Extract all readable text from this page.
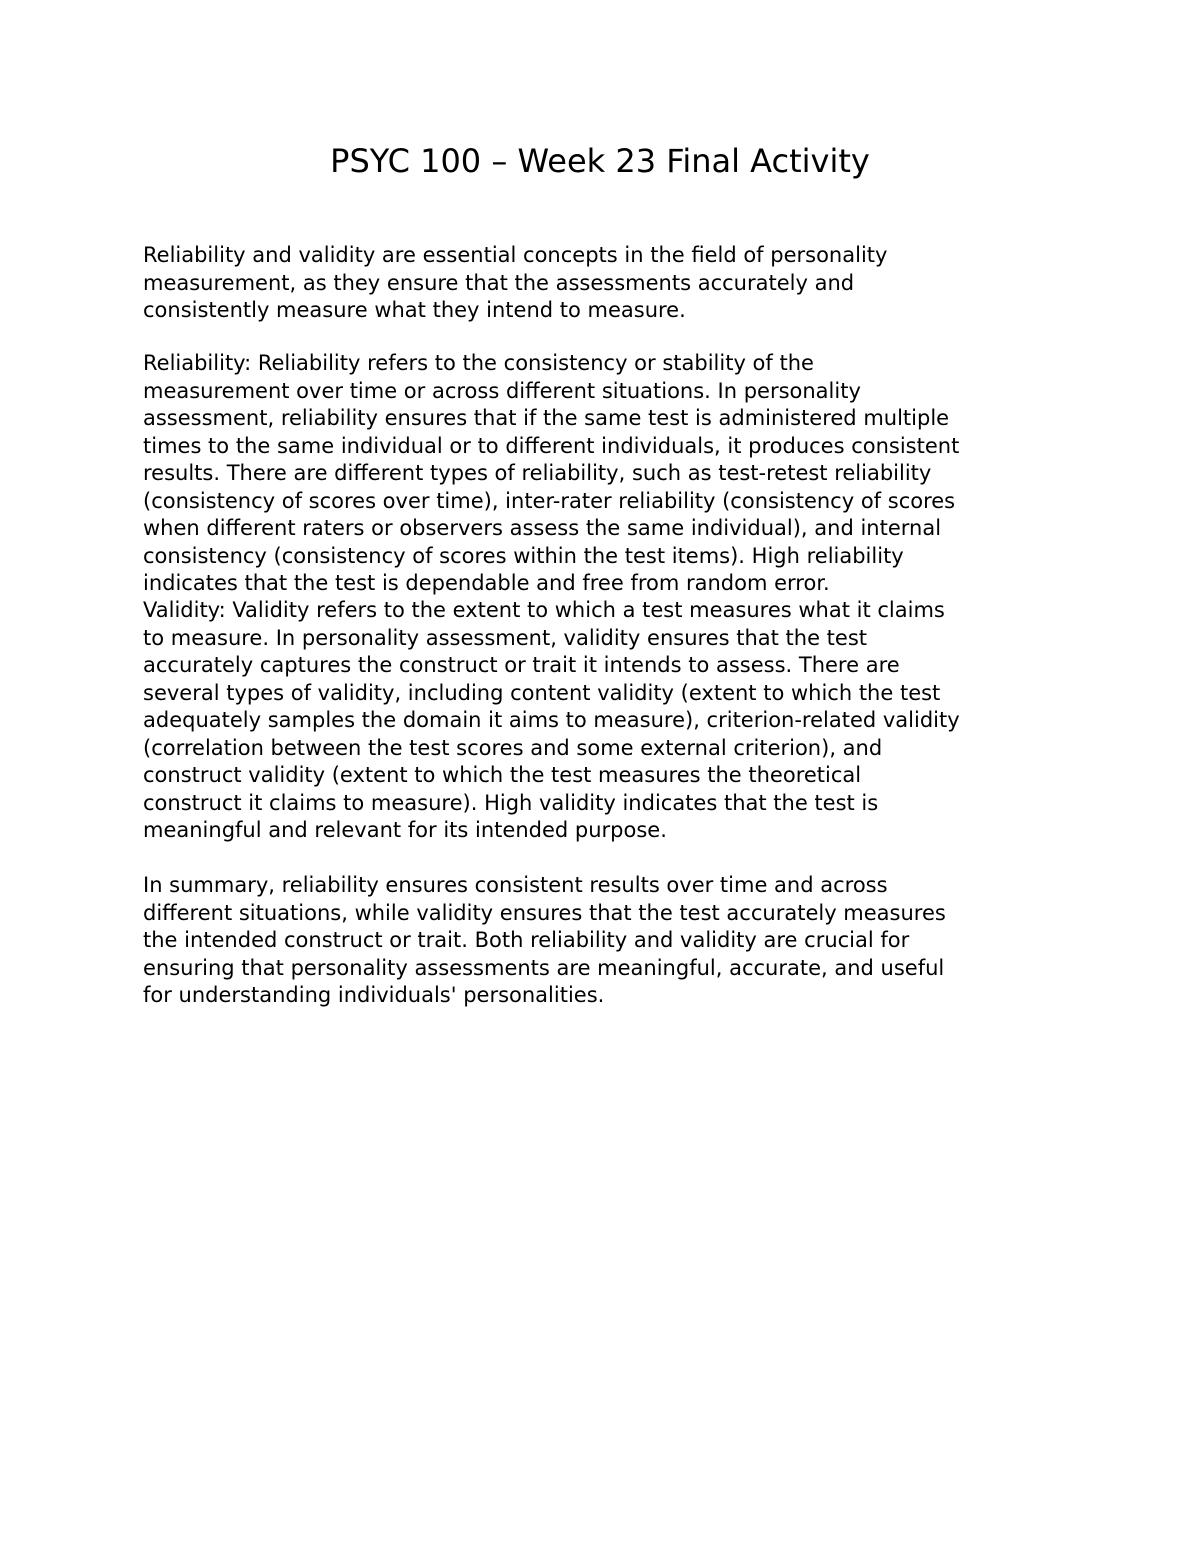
PSYC 100 – Week 23 Final Activity

Reliability and validity are essential concepts in the field of personality
measurement, as they ensure that the assessments accurately and
consistently measure what they intend to measure.

Reliability: Reliability refers to the consistency or stability of the
measurement over time or across different situations. In personality
assessment, reliability ensures that if the same test is administered multiple
times to the same individual or to different individuals, it produces consistent
results. There are different types of reliability, such as test-retest reliability
(consistency of scores over time), inter-rater reliability (consistency of scores
when different raters or observers assess the same individual), and internal
consistency (consistency of scores within the test items). High reliability
indicates that the test is dependable and free from random error.

Validity: Validity refers to the extent to which a test measures what it claims
to measure. In personality assessment, validity ensures that the test
accurately captures the construct or trait it intends to assess. There are
several types of validity, including content validity (extent to which the test
adequately samples the domain it aims to measure), criterion-related validity
(correlation between the test scores and some external criterion), and
construct validity (extent to which the test measures the theoretical
construct it claims to measure). High validity indicates that the test is
meaningful and relevant for its intended purpose.

In summary, reliability ensures consistent results over time and across
different situations, while validity ensures that the test accurately measures
the intended construct or trait. Both reliability and validity are crucial for
ensuring that personality assessments are meaningful, accurate, and useful
for understanding individuals' personalities.
